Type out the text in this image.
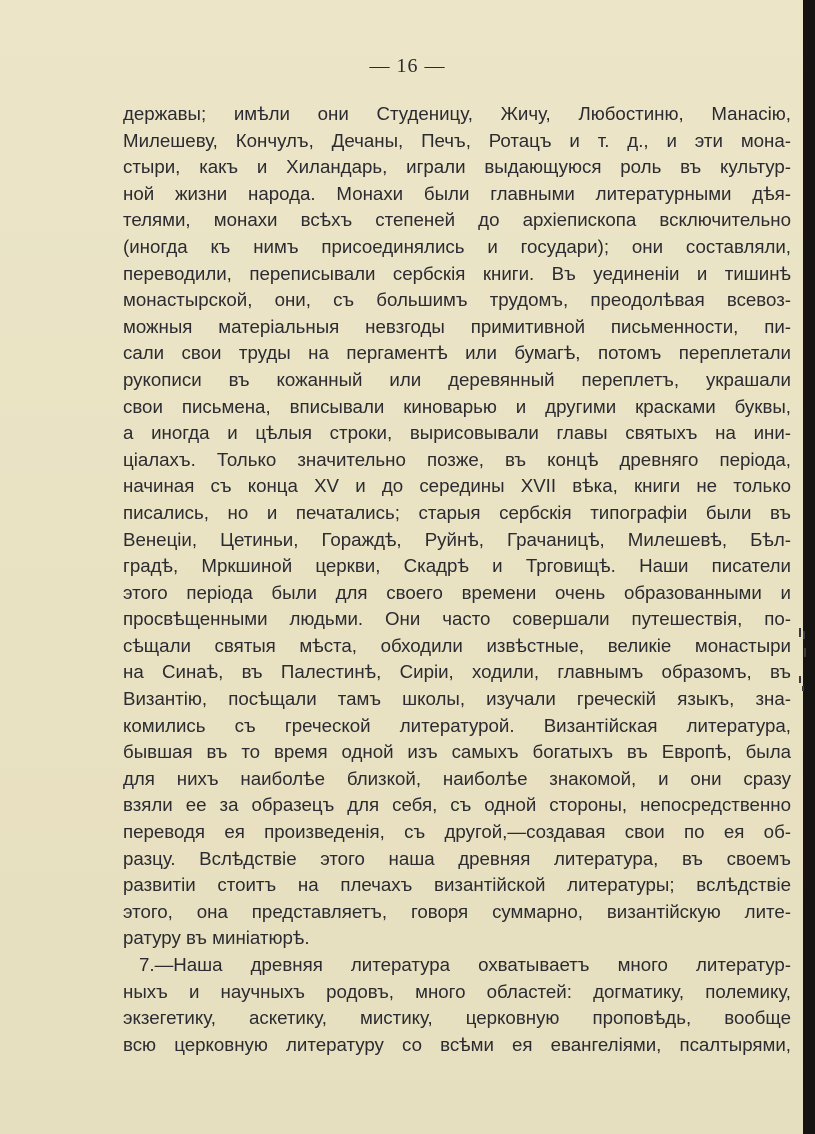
— 16 —
державы; имѣли они Студеницу, Жичу, Любостиню, Манасію,
Милешеву, Кончулъ, Дечаны, Печъ, Ротацъ и т. д., и эти мона-
стыри, какъ и Хиландарь, играли выдающуюся роль въ культур-
ной жизни народа. Монахи были главными литературными дѣя-
телями, монахи всѣхъ степеней до архіепископа всключительно
(иногда къ нимъ присоединялись и государи); они составляли,
переводили, переписывали сербскія книги. Въ уединеніи и тишинѣ
монастырской, они, съ большимъ трудомъ, преодолѣвая всевоз-
можныя матеріальныя невзгоды примитивной письменности, пи-
сали свои труды на пергаментѣ или бумагѣ, потомъ переплетали
рукописи въ кожанный или деревянный переплетъ, украшали
свои письмена, вписывали киноварью и другими красками буквы,
а иногда и цѣлыя строки, вырисовывали главы святыхъ на ини-
ціалахъ. Только значительно позже, въ концѣ древняго періода,
начиная съ конца XV и до середины XVII вѣка, книги не только
писались, но и печатались; старыя сербскія типографіи были въ
Венеціи, Цетиньи, Гораждѣ, Руйнѣ, Грачаницѣ, Милешевѣ, Бѣл-
градѣ, Мркшиной церкви, Скадрѣ и Трговищѣ. Наши писатели
этого періода были для своего времени очень образованными и
просвѣщенными людьми. Они часто совершали путешествія, по-
сѣщали святыя мѣста, обходили извѣстные, великіе монастыри
на Синаѣ, въ Палестинѣ, Сиріи, ходили, главнымъ образомъ, въ
Византію, посѣщали тамъ школы, изучали греческій языкъ, зна-
комились съ греческой литературой. Византійская литература,
бывшая въ то время одной изъ самыхъ богатыхъ въ Европѣ, была
для нихъ наиболѣе близкой, наиболѣе знакомой, и они сразу
взяли ее за образецъ для себя, съ одной стороны, непосредственно
переводя ея произведенія, съ другой,—создавая свои по ея об-
разцу. Вслѣдствіе этого наша древняя литература, въ своемъ
развитіи стоитъ на плечахъ византійской литературы; вслѣдствіе
этого, она представляетъ, говоря суммарно, византійскую лите-
ратуру въ миніатюрѣ.
7.—Наша древняя литература охватываетъ много литератур-
ныхъ и научныхъ родовъ, много областей: догматику, полемику,
экзегетику, аскетику, мистику, церковную проповѣдь, вообще
всю церковную литературу со всѣми ея евангеліями, псалтырями,
